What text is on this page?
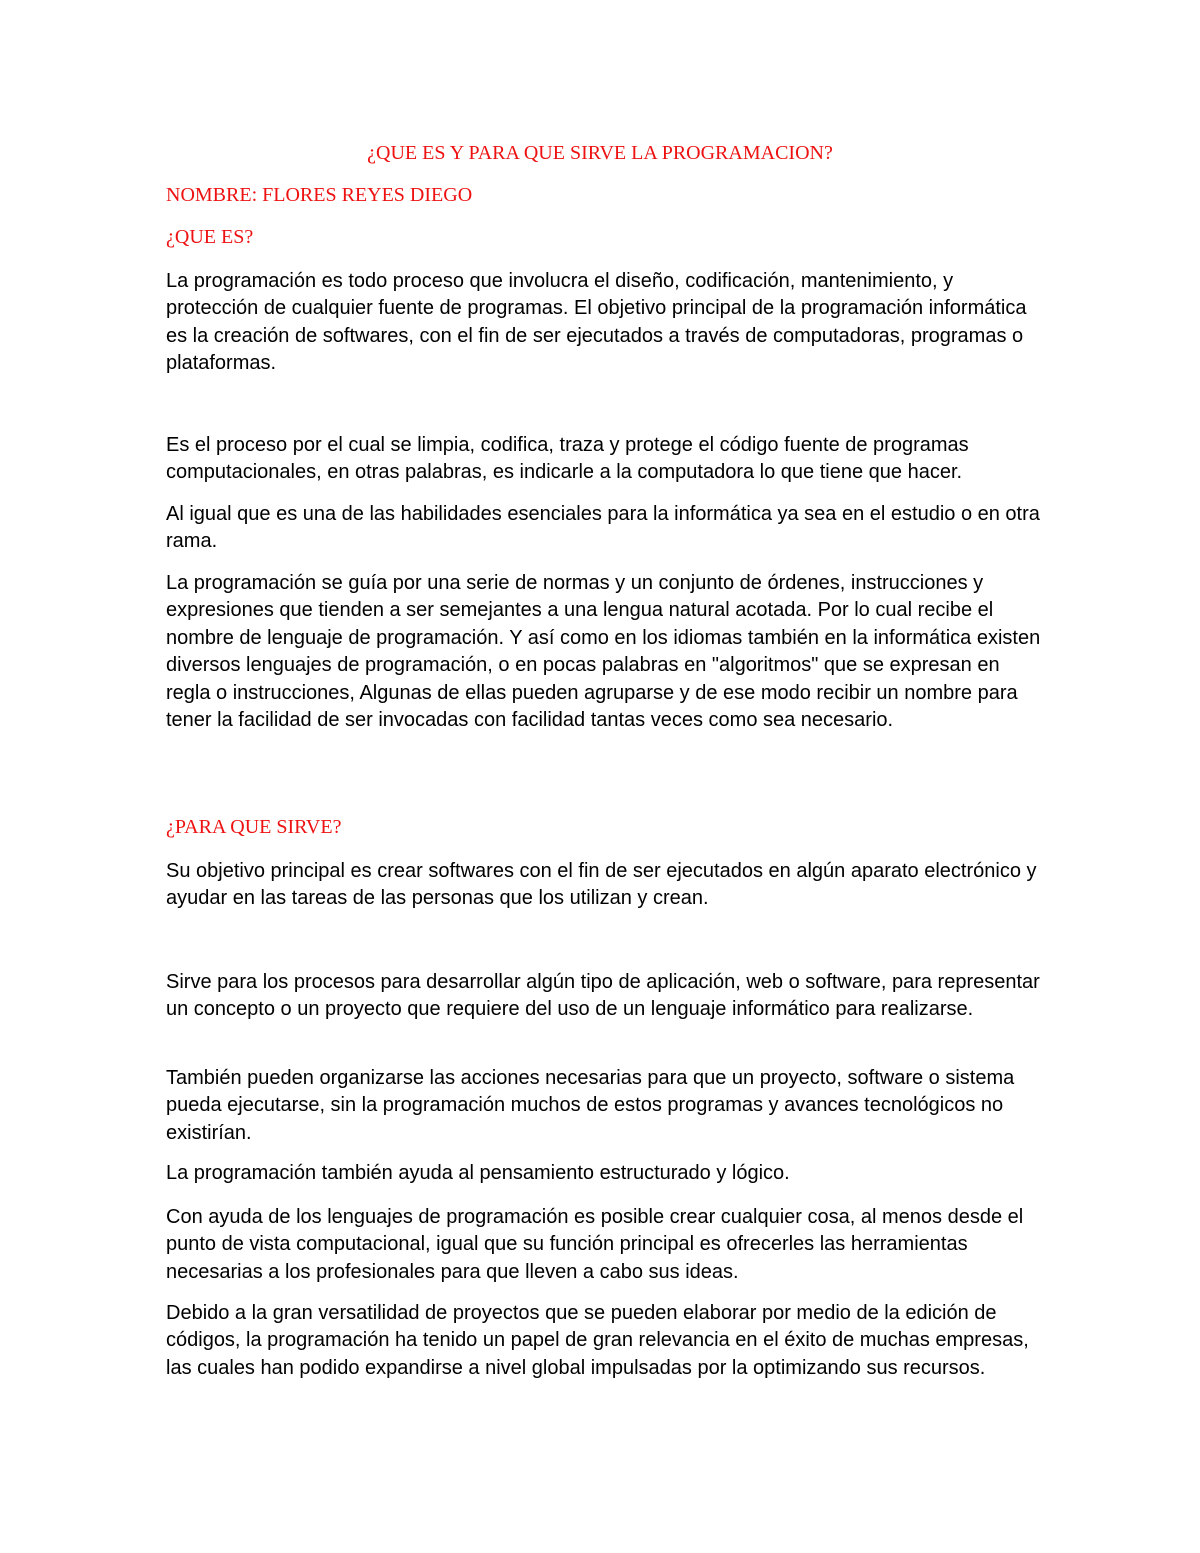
¿QUE ES Y PARA QUE SIRVE LA PROGRAMACION?

NOMBRE: FLORES REYES DIEGO

¿QUE ES?

La programación es todo proceso que involucra el diseño, codificación, mantenimiento, y protección de cualquier fuente de programas. El objetivo principal de la programación informática es la creación de softwares, con el fin de ser ejecutados a través de computadoras, programas o plataformas.

Es el proceso por el cual se limpia, codifica, traza y protege el código fuente de programas computacionales, en otras palabras, es indicarle a la computadora lo que tiene que hacer.

Al igual que es una de las habilidades esenciales para la informática ya sea en el estudio o en otra rama.

La programación se guía por una serie de normas y un conjunto de órdenes, instrucciones y expresiones que tienden a ser semejantes a una lengua natural acotada. Por lo cual recibe el nombre de lenguaje de programación. Y así como en los idiomas también en la informática existen diversos lenguajes de programación, o en pocas palabras en "algoritmos" que se expresan en regla o instrucciones, Algunas de ellas pueden agruparse y de ese modo recibir un nombre para tener la facilidad de ser invocadas con facilidad tantas veces como sea necesario.

¿PARA QUE SIRVE?

Su objetivo principal es crear softwares con el fin de ser ejecutados en algún aparato electrónico y ayudar en las tareas de las personas que los utilizan y crean.

Sirve para los procesos para desarrollar algún tipo de aplicación, web o software, para representar un concepto o un proyecto que requiere del uso de un lenguaje informático para realizarse.

También pueden organizarse las acciones necesarias para que un proyecto, software o sistema pueda ejecutarse, sin la programación muchos de estos programas y avances tecnológicos no existirían.

La programación también ayuda al pensamiento estructurado y lógico.

Con ayuda de los lenguajes de programación es posible crear cualquier cosa, al menos desde el punto de vista computacional, igual que su función principal es ofrecerles las herramientas necesarias a los profesionales para que lleven a cabo sus ideas.

Debido a la gran versatilidad de proyectos que se pueden elaborar por medio de la edición de códigos, la programación ha tenido un papel de gran relevancia en el éxito de muchas empresas, las cuales han podido expandirse a nivel global impulsadas por la optimizando sus recursos.
